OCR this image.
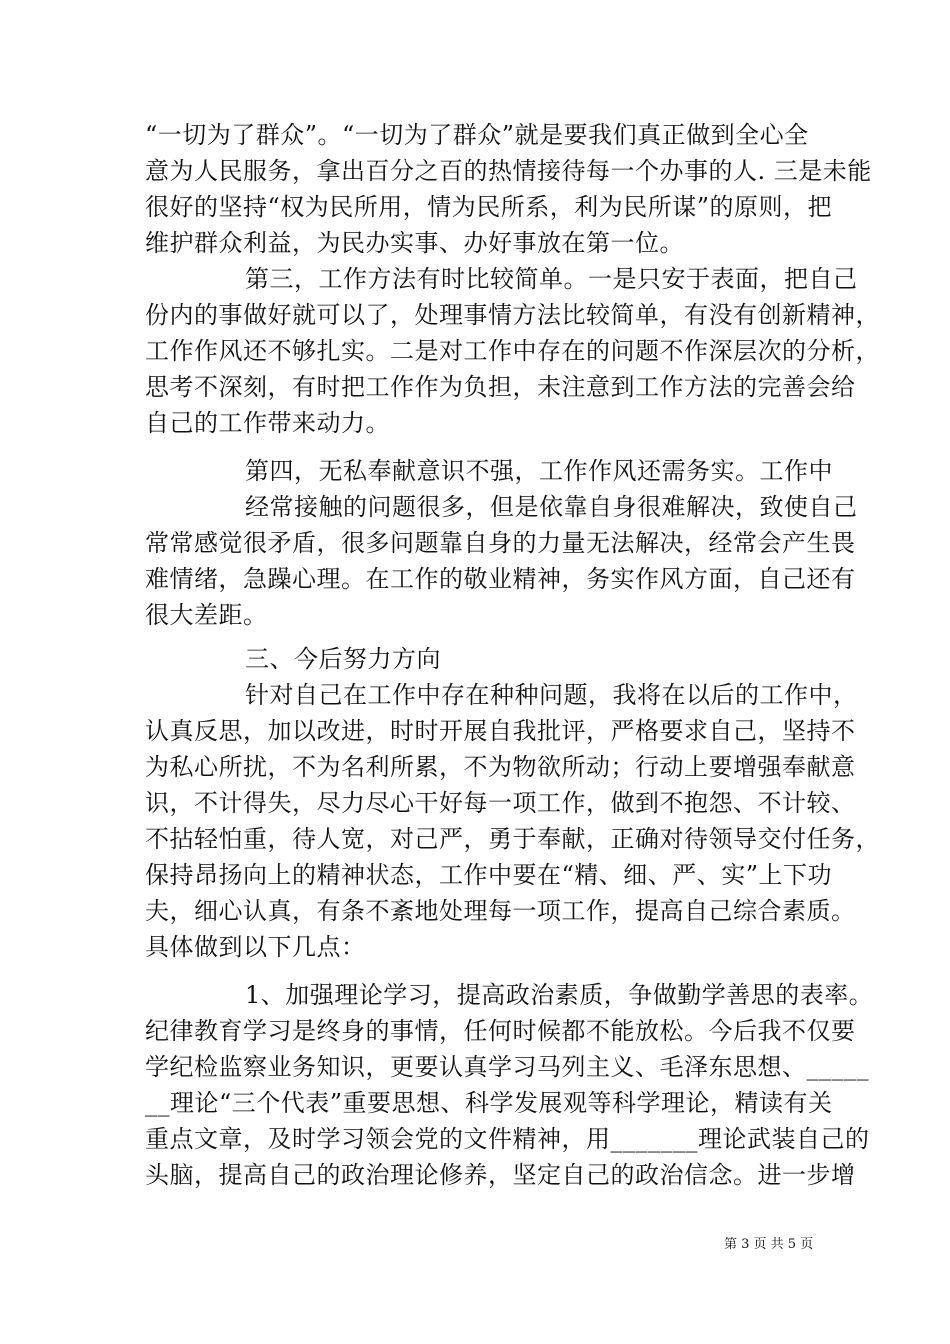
“一切为了群众”。“一切为了群众”就是要我们真正做到全心全
意为人民服务，拿出百分之百的热情接待每一个办事的人. 三是未能
很好的坚持“权为民所用，情为民所系，利为民所谋”的原则，把
维护群众利益，为民办实事、办好事放在第一位。
第三，工作方法有时比较简单。一是只安于表面，把自己
份内的事做好就可以了，处理事情方法比较简单，有没有创新精神，
工作作风还不够扎实。二是对工作中存在的问题不作深层次的分析，
思考不深刻，有时把工作作为负担，未注意到工作方法的完善会给
自己的工作带来动力。
第四，无私奉献意识不强，工作作风还需务实。工作中
经常接触的问题很多，但是依靠自身很难解决，致使自己
常常感觉很矛盾，很多问题靠自身的力量无法解决，经常会产生畏
难情绪，急躁心理。在工作的敬业精神，务实作风方面，自己还有
很大差距。
三、今后努力方向
针对自己在工作中存在种种问题，我将在以后的工作中，
认真反思，加以改进，时时开展自我批评，严格要求自己，坚持不
为私心所扰，不为名利所累，不为物欲所动；行动上要增强奉献意
识，不计得失，尽力尽心干好每一项工作，做到不抱怨、不计较、
不拈轻怕重，待人宽，对己严，勇于奉献，正确对待领导交付任务，
保持昂扬向上的精神状态，工作中要在“精、细、严、实”上下功
夫，细心认真，有条不紊地处理每一项工作，提高自己综合素质。
具体做到以下几点：
1、加强理论学习，提高政治素质，争做勤学善思的表率。
纪律教育学习是终身的事情，任何时候都不能放松。今后我不仅要
学纪检监察业务知识，更要认真学习马列主义、毛泽东思想、_____
__理论“三个代表”重要思想、科学发展观等科学理论，精读有关
重点文章，及时学习领会党的文件精神，用_______理论武装自己的
头脑，提高自己的政治理论修养，坚定自己的政治信念。进一步增
第 3 页 共 5 页
